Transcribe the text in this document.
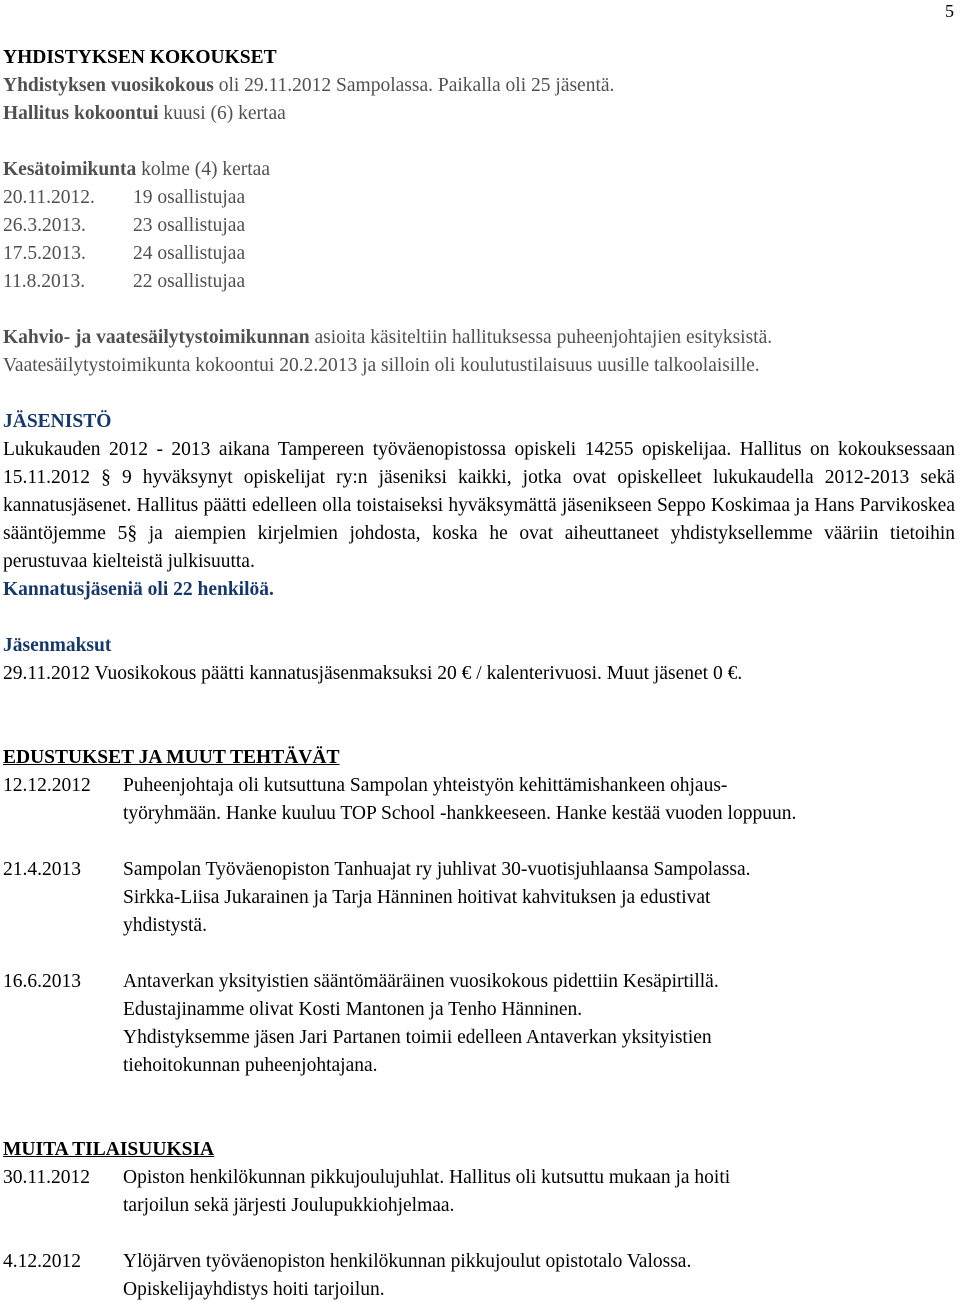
5
YHDISTYKSEN KOKOUKSET
Yhdistyksen vuosikokous oli 29.11.2012 Sampolassa. Paikalla oli 25 jäsentä.
Hallitus kokoontui kuusi (6) kertaa
Kesätoimikunta kolme (4) kertaa
20.11.2012.	19 osallistujaa
26.3.2013.	23 osallistujaa
17.5.2013.	24 osallistujaa
11.8.2013.	22 osallistujaa
Kahvio- ja vaatesäilytystoimikunnan asioita käsiteltiin hallituksessa puheenjohtajien esityksistä.
Vaatesäilytystoimikunta kokoontui 20.2.2013 ja silloin oli koulutustilaisuus uusille talkoolaisille.
JÄSENISTÖ
Lukukauden 2012 - 2013 aikana Tampereen työväenopistossa opiskeli 14255 opiskelijaa. Hallitus on kokouksessaan 15.11.2012 § 9 hyväksynyt opiskelijat ry:n jäseniksi kaikki, jotka ovat opiskelleet lukukaudella 2012-2013 sekä kannatusjäsenet. Hallitus päätti edelleen olla toistaiseksi hyväksymättä jäsenikseen Seppo Koskimaa ja Hans Parvikoskea sääntöjemme 5§ ja aiempien kirjelmien johdosta, koska he ovat aiheuttaneet yhdistyksellemme vääriin tietoihin perustuvaa kielteistä julkisuutta.
Kannatusjäseniä oli 22 henkilöä.
Jäsenmaksut
29.11.2012 Vuosikokous päätti kannatusjäsenmaksuksi 20 € / kalenterivuosi. Muut jäsenet 0 €.
EDUSTUKSET JA MUUT TEHTÄVÄT
12.12.2012	Puheenjohtaja oli kutsuttuna Sampolan yhteistyön kehittämishankeen ohjaus-
työryhmään. Hanke kuuluu TOP School -hankkeeseen. Hanke kestää vuoden loppuun.
21.4.2013	Sampolan Työväenopiston Tanhuajat ry juhlivat 30-vuotisjuhlaansa Sampolassa.
Sirkka-Liisa Jukarainen ja Tarja Hänninen hoitivat kahvituksen ja edustivat
yhdistystä.
16.6.2013	Antaverkan yksityistien sääntömääräinen vuosikokous pidettiin Kesäpirtillä.
Edustajinamme olivat Kosti Mantonen ja Tenho Hänninen.
Yhdistyksemme jäsen Jari Partanen toimii edelleen Antaverkan yksityistien
tiehoitokunnan puheenjohtajana.
MUITA TILAISUUKSIA
30.11.2012	Opiston henkilökunnan pikkujoulujuhlat. Hallitus oli kutsuttu mukaan ja hoiti
tarjoilun sekä järjesti Joulupukkiohjelmaa.
4.12.2012	Ylöjärven työväenopiston henkilökunnan pikkujoulut opistotalo Valossa.
Opiskelijayhdistys hoiti tarjoilun.
